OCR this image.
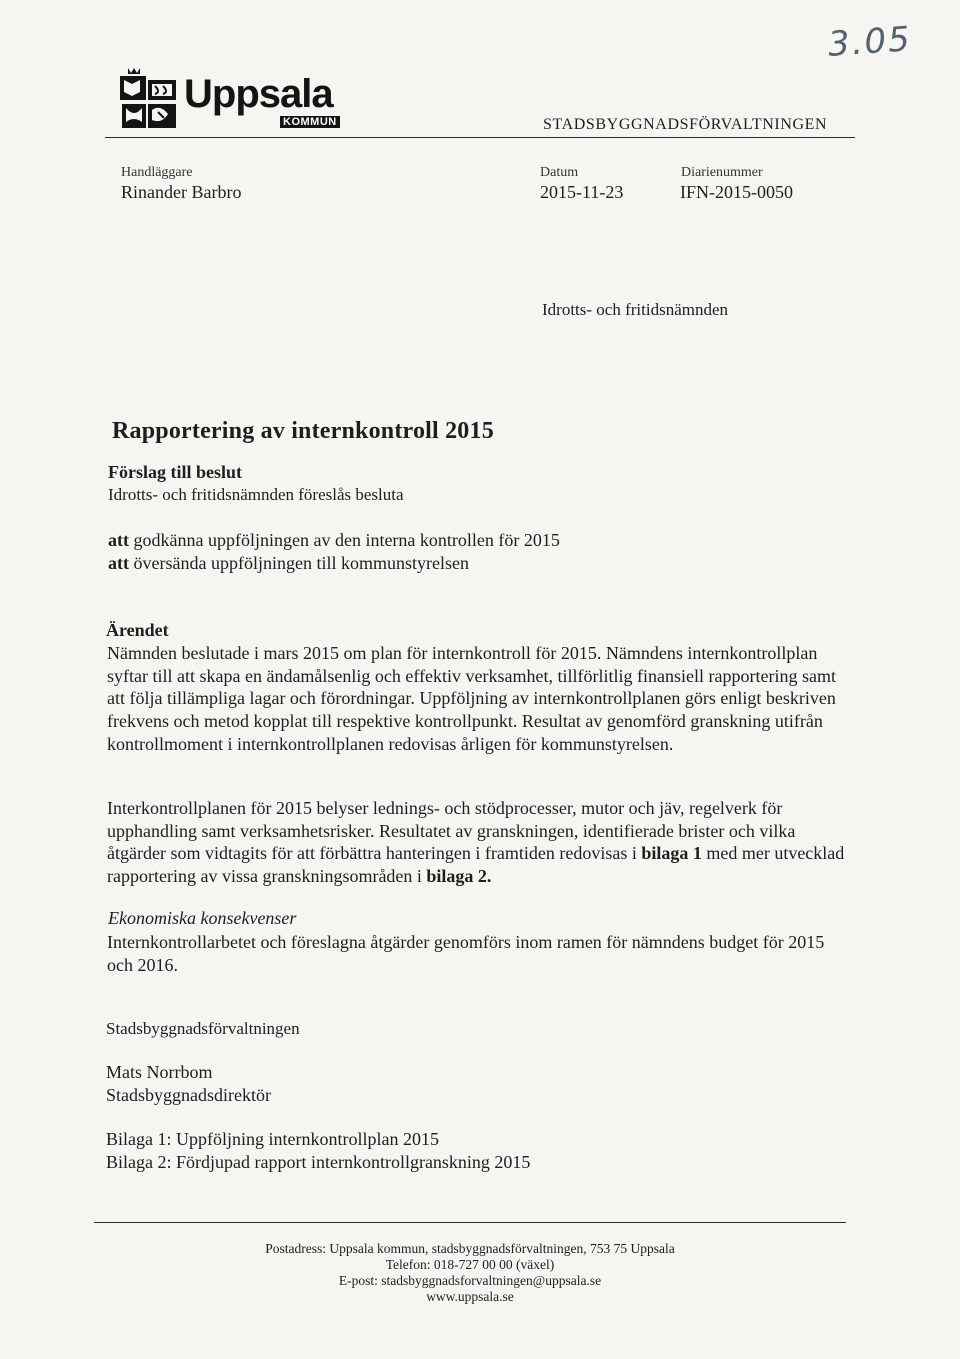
3.05
Uppsala
KOMMUN	STADSBYGGNADSFÖRVALTNINGEN
Handläggare
Rinander Barbro
Datum
2015-11-23
Diarienummer
IFN-2015-0050
Idrotts- och fritidsnämnden
Rapportering av internkontroll 2015
Förslag till beslut
Idrotts- och fritidsnämnden föreslås besluta
att godkänna uppföljningen av den interna kontrollen för 2015
att översända uppföljningen till kommunstyrelsen
Ärendet
Nämnden beslutade i mars 2015 om plan för internkontroll för 2015. Nämndens internkontrollplan syftar till att skapa en ändamålsenlig och effektiv verksamhet, tillförlitlig finansiell rapportering samt att följa tillämpliga lagar och förordningar. Uppföljning av internkontrollplanen görs enligt beskriven frekvens och metod kopplat till respektive kontrollpunkt. Resultat av genomförd granskning utifrån kontrollmoment i internkontrollplanen redovisas årligen för kommunstyrelsen.
Interkontrollplanen för 2015 belyser lednings- och stödprocesser, mutor och jäv, regelverk för upphandling samt verksamhetsrisker. Resultatet av granskningen, identifierade brister och vilka åtgärder som vidtagits för att förbättra hanteringen i framtiden redovisas i bilaga 1 med mer utvecklad rapportering av vissa granskningsområden i bilaga 2.
Ekonomiska konsekvenser
Internkontrollarbetet och föreslagna åtgärder genomförs inom ramen för nämndens budget för 2015 och 2016.
Stadsbyggnadsförvaltningen
Mats Norrbom
Stadsbyggnadsdirektör
Bilaga 1: Uppföljning internkontrollplan 2015
Bilaga 2: Fördjupad rapport internkontrollgranskning 2015
Postadress: Uppsala kommun, stadsbyggnadsförvaltningen, 753 75 Uppsala
Telefon: 018-727 00 00 (växel)
E-post: stadsbyggnadsforvaltningen@uppsala.se
www.uppsala.se
